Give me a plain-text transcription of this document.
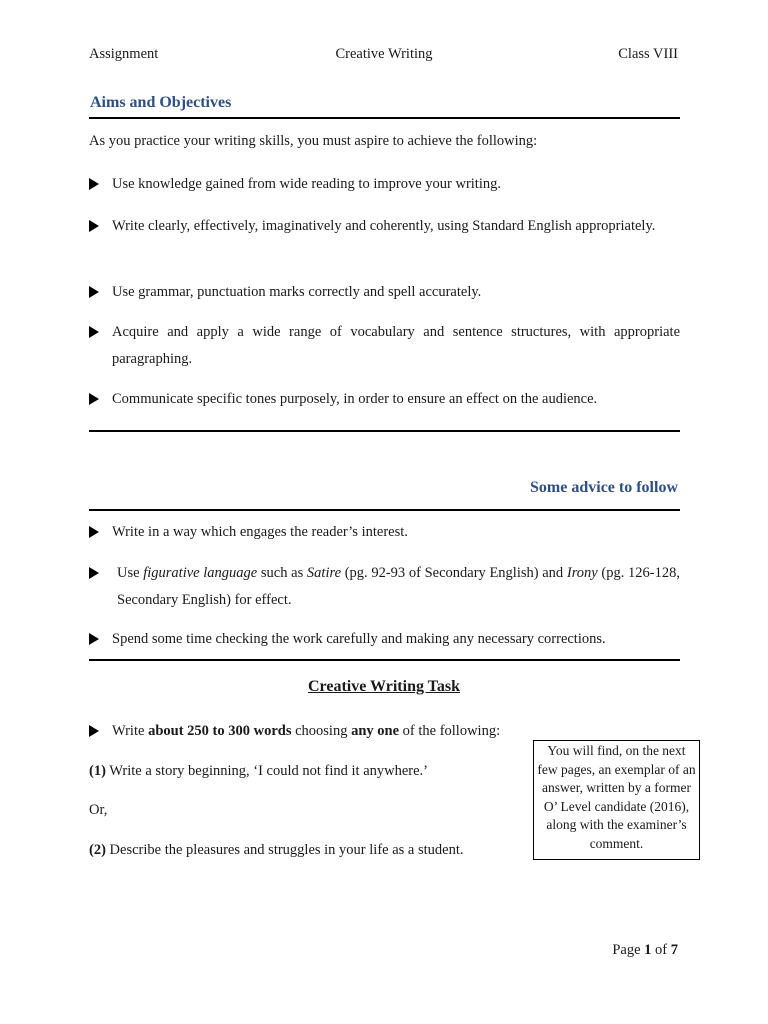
Assignment	Creative Writing	Class VIII
Aims and Objectives
As you practice your writing skills, you must aspire to achieve the following:
Use knowledge gained from wide reading to improve your writing.
Write clearly, effectively, imaginatively and coherently, using Standard English appropriately.
Use grammar, punctuation marks correctly and spell accurately.
Acquire and apply a wide range of vocabulary and sentence structures, with appropriate paragraphing.
Communicate specific tones purposely, in order to ensure an effect on the audience.
Some advice to follow
Write in a way which engages the reader’s interest.
Use figurative language such as Satire (pg. 92-93 of Secondary English) and Irony (pg. 126-128, Secondary English) for effect.
Spend some time checking the work carefully and making any necessary corrections.
Creative Writing Task
Write about 250 to 300 words choosing any one of the following:
(1) Write a story beginning, ‘I could not find it anywhere.’
Or,
(2) Describe the pleasures and struggles in your life as a student.
You will find, on the next few pages, an exemplar of an answer, written by a former O’ Level candidate (2016), along with the examiner’s comment.
Page 1 of 7
